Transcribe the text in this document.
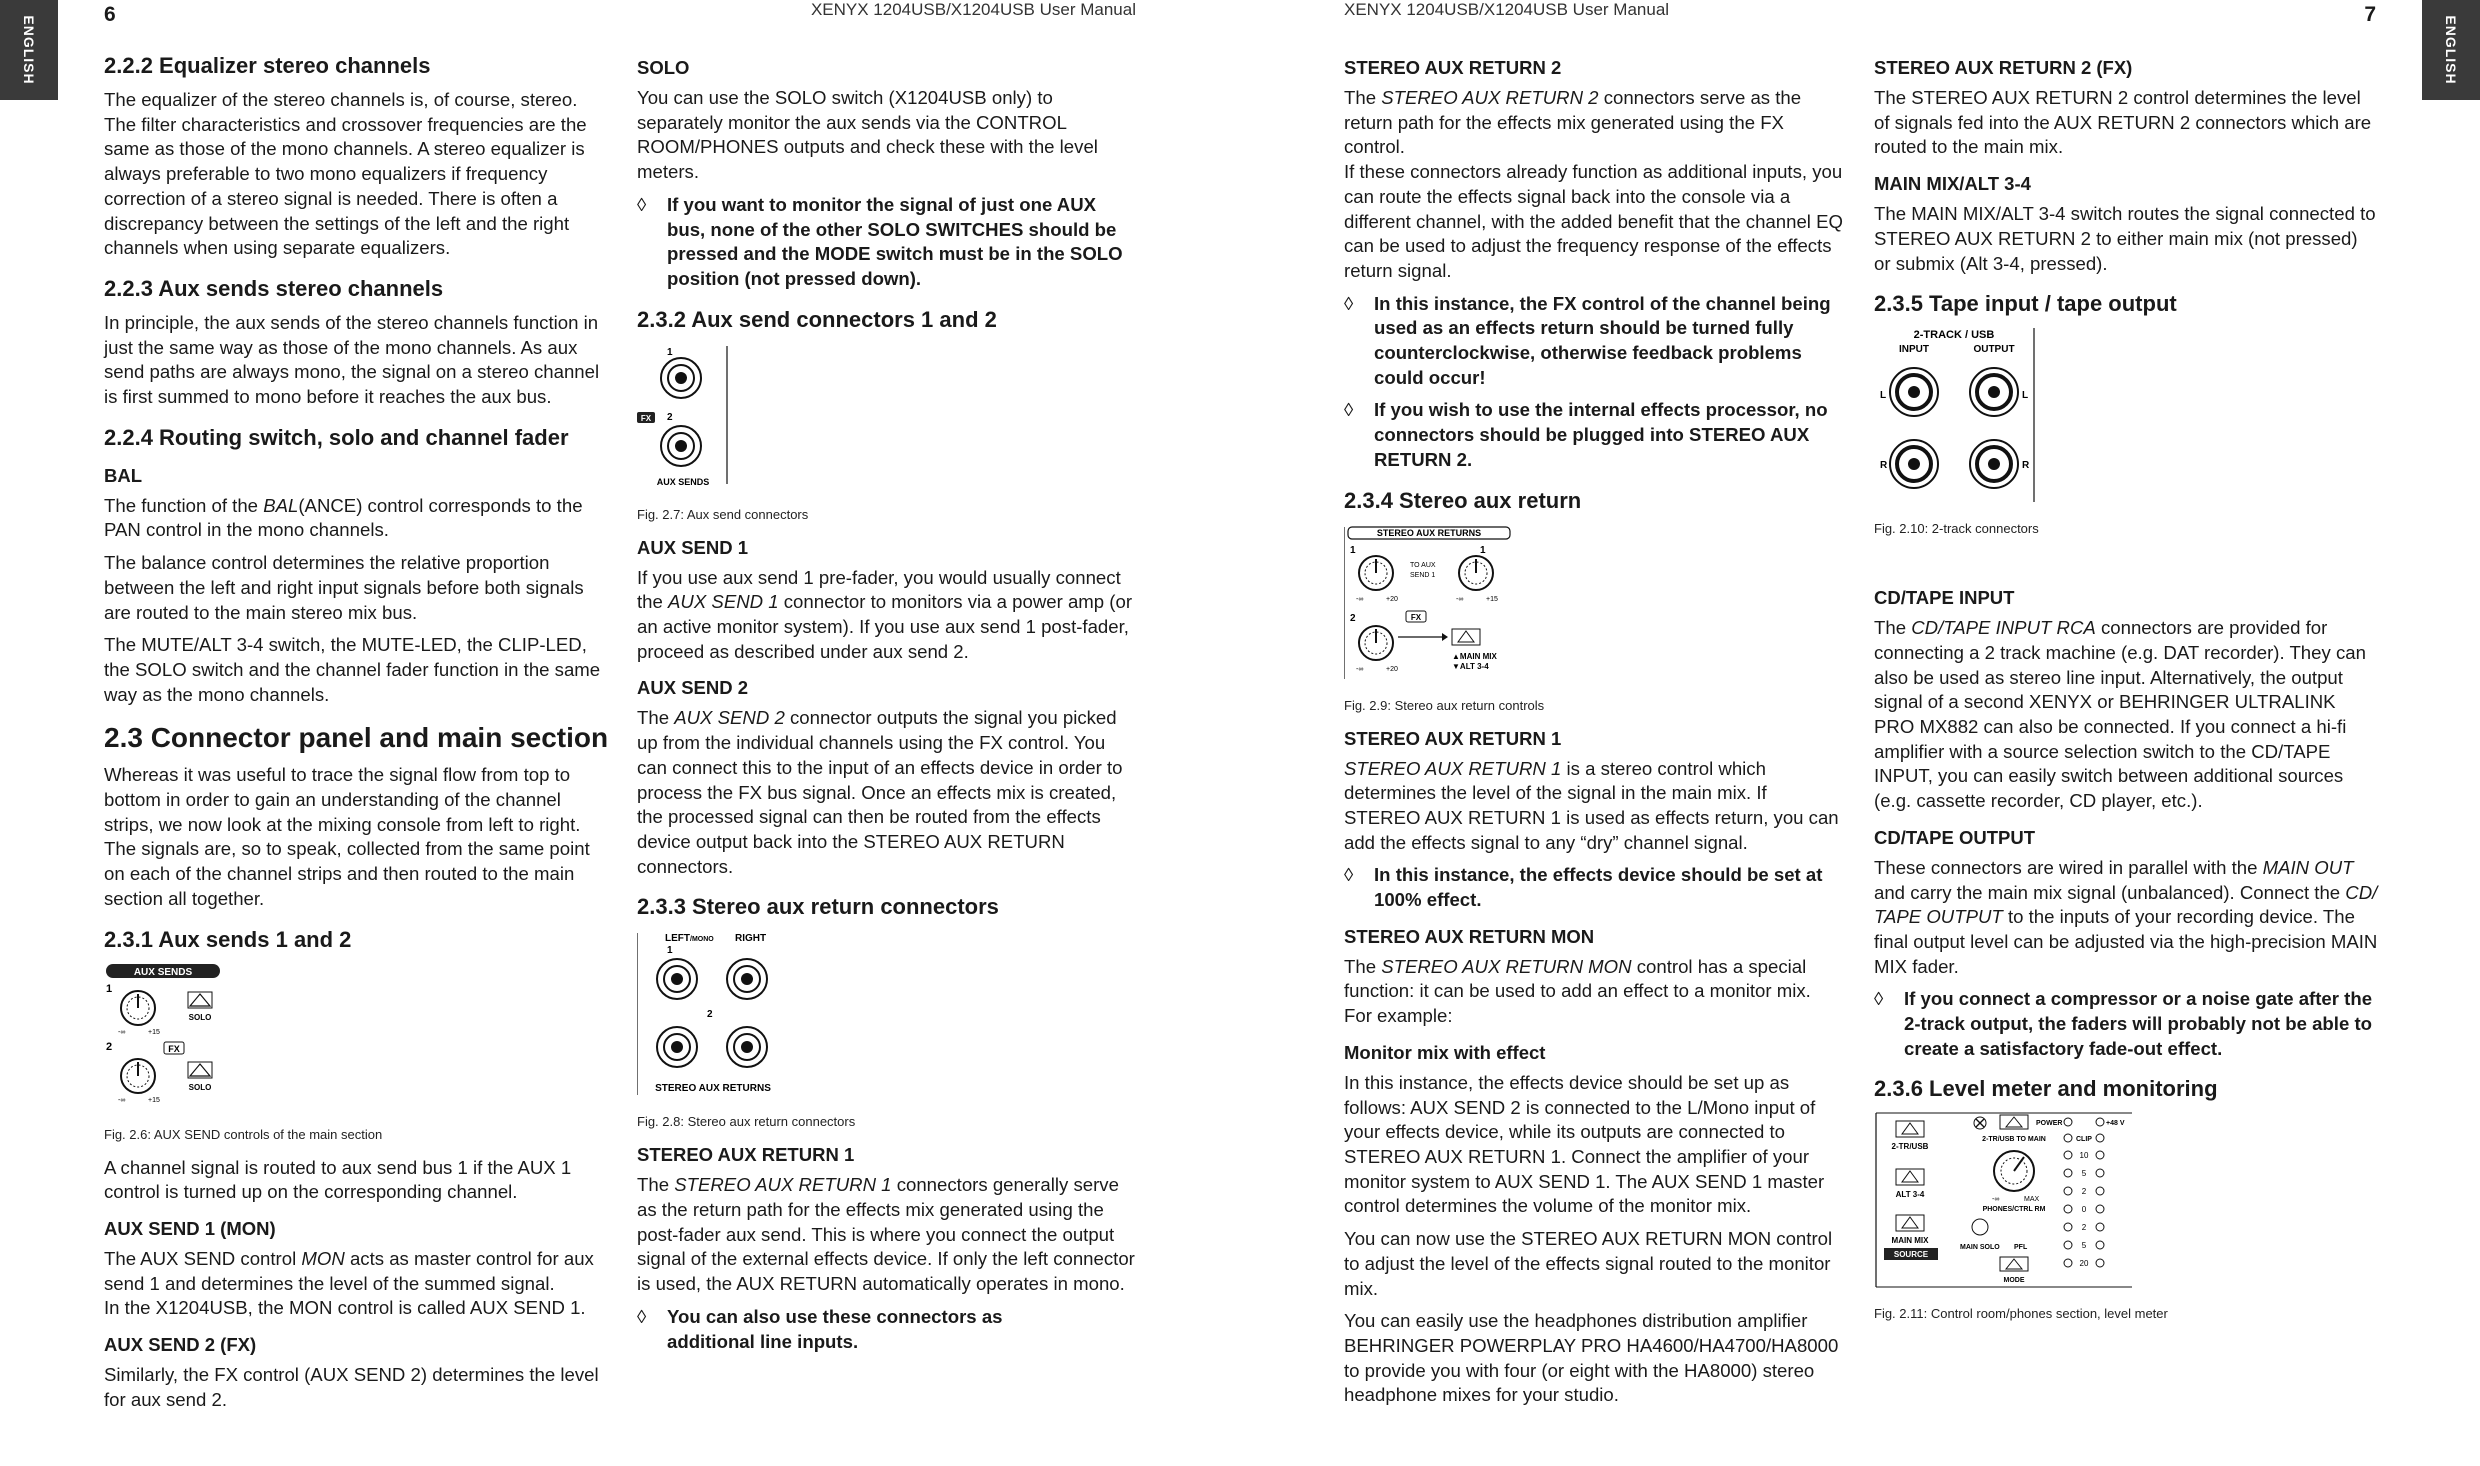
ENGLISH
6	XENYX 1204USB/X1204USB User Manual
2.2.2 Equalizer stereo channels

The equalizer of the stereo channels is, of course, stereo. The filter characteristics and crossover frequencies are the same as those of the mono channels. A stereo equalizer is always preferable to two mono equalizers if frequency correction of a stereo signal is needed. There is often a discrepancy between the settings of the left and the right channels when using separate equalizers.

2.2.3 Aux sends stereo channels

In principle, the aux sends of the stereo channels function in just the same way as those of the mono channels. As aux send paths are always mono, the signal on a stereo channel is first summed to mono before it reaches the aux bus.

2.2.4 Routing switch, solo and channel fader
BAL

The function of the BAL(ANCE) control corresponds to the PAN control in the mono channels.

The balance control determines the relative proportion between the left and right input signals before both signals are routed to the main stereo mix bus.

The MUTE/ALT 3-4 switch, the MUTE-LED, the CLIP-LED, the SOLO switch and the channel fader function in the same way as the mono channels.

2.3 Connector panel and main section

Whereas it was useful to trace the signal flow from top to bottom in order to gain an understanding of the channel strips, we now look at the mixing console from left to right. The signals are, so to speak, collected from the same point on each of the channel strips and then routed to the main section all together.

2.3.1 Aux sends 1 and 2
AUX SENDS
1
-∞	+15
SOLO
2	FX
-∞	+15
SOLO
Fig. 2.6: AUX SEND controls of the main section

A channel signal is routed to aux send bus 1 if the AUX 1 control is turned up on the corresponding channel.

AUX SEND 1 (MON)

The AUX SEND control MON acts as master control for aux send 1 and determines the level of the summed signal.

In the X1204USB, the MON control is called AUX SEND 1.

AUX SEND 2 (FX)

Similarly, the FX control (AUX SEND 2) determines the level for aux send 2.

SOLO

You can use the SOLO switch (X1204USB only) to separately monitor the aux sends via the CONTROL ROOM/PHONES outputs and check these with the level meters.

◊ If you want to monitor the signal of just one AUX bus, none of the other SOLO SWITCHES should be pressed and the MODE switch must be in the SOLO position (not pressed down).
2.3.2 Aux send connectors 1 and 2
1
FX 2
AUX SENDS
Fig. 2.7: Aux send connectors
AUX SEND 1

If you use aux send 1 pre-fader, you would usually connect the AUX SEND 1 connector to monitors via a power amp (or an active monitor system). If you use aux send 1 post-fader, proceed as described under aux send 2.

AUX SEND 2

The AUX SEND 2 connector outputs the signal you picked up from the individual channels using the FX control. You can connect this to the input of an effects device in order to process the FX bus signal. Once an effects mix is created, the processed signal can then be routed from the effects device output back into the STEREO AUX RETURN connectors.

2.3.3 Stereo aux return connectors
LEFT/MONO RIGHT
1
2
STEREO AUX RETURNS
Fig. 2.8: Stereo aux return connectors
STEREO AUX RETURN 1

The STEREO AUX RETURN 1 connectors generally serve as the return path for the effects mix generated using the post-fader aux send. This is where you connect the output signal of the external effects device. If only the left connector is used, the AUX RETURN automatically operates in mono.

◊ You can also use these connectors as additional line inputs.
ENGLISH
7
XENYX 1204USB/X1204USB User Manual
STEREO AUX RETURN 2

The STEREO AUX RETURN 2 connectors serve as the return path for the effects mix generated using the FX control.

If these connectors already function as additional inputs, you can route the effects signal back into the console via a different channel, with the added benefit that the channel EQ can be used to adjust the frequency response of the effects return signal.

◊ In this instance, the FX control of the channel being used as an effects return should be turned fully counterclockwise, otherwise feedback problems could occur!
◊ If you wish to use the internal effects processor, no connectors should be plugged into STEREO AUX RETURN 2.
2.3.4 Stereo aux return
STEREO AUX RETURNS
1	1
-∞	+20
TO AUX
SEND 1
-∞	+15
2	FX
-∞	+20
▲MAIN MIX
▼ALT 3-4
Fig. 2.9: Stereo aux return controls
STEREO AUX RETURN 1

STEREO AUX RETURN 1 is a stereo control which determines the level of the signal in the main mix. If STEREO AUX RETURN 1 is used as effects return, you can add the effects signal to any “dry” channel signal.

◊ In this instance, the effects device should be set at 100% effect.
STEREO AUX RETURN MON

The STEREO AUX RETURN MON control has a special function: it can be used to add an effect to a monitor mix.

For example:

Monitor mix with effect

In this instance, the effects device should be set up as follows: AUX SEND 2 is connected to the L/Mono input of your effects device, while its outputs are connected to STEREO AUX RETURN 1. Connect the amplifier of your monitor system to AUX SEND 1. The AUX SEND 1 master control determines the volume of the monitor mix.

You can now use the STEREO AUX RETURN MON control to adjust the level of the effects signal routed to the monitor mix.

You can easily use the headphones distribution amplifier BEHRINGER POWERPLAY PRO HA4600/HA4700/HA8000 to provide you with four (or eight with the HA8000) stereo headphone mixes for your studio.

STEREO AUX RETURN 2 (FX)

The STEREO AUX RETURN 2 control determines the level of signals fed into the AUX RETURN 2 connectors which are routed to the main mix.

MAIN MIX/ALT 3-4

The MAIN MIX/ALT 3-4 switch routes the signal connected to STEREO AUX RETURN 2 to either main mix (not pressed) or submix (Alt 3-4, pressed).

2.3.5 Tape input / tape output
2-TRACK / USB
INPUT	OUTPUT
L	L
R	R
Fig. 2.10: 2-track connectors
CD/TAPE INPUT

The CD/TAPE INPUT RCA connectors are provided for connecting a 2 track machine (e.g. DAT recorder). They can also be used as stereo line input. Alternatively, the output signal of a second XENYX or BEHRINGER ULTRALINK PRO MX882 can also be connected. If you connect a hi-fi amplifier with a source selection switch to the CD/TAPE INPUT, you can easily switch between additional sources (e.g. cassette recorder, CD player, etc.).

CD/TAPE OUTPUT

These connectors are wired in parallel with the MAIN OUT and carry the main mix signal (unbalanced). Connect the CD/ TAPE OUTPUT to the inputs of your recording device. The final output level can be adjusted via the high-precision MAIN MIX fader.

◊ If you connect a compressor or a noise gate after the 2-track output, the faders will probably not be able to create a satisfactory fade-out effect.
2.3.6 Level meter and monitoring
2-TR/USB
ALT 3-4
MAIN MIX
SOURCE
2-TR/USB TO MAIN
-∞	MAX
PHONES/CTRL RM
MAIN SOLO PFL
MODE
POWER	+48 V
CLIP
10
5
2
0
2
5
20
Fig. 2.11: Control room/phones section, level meter
